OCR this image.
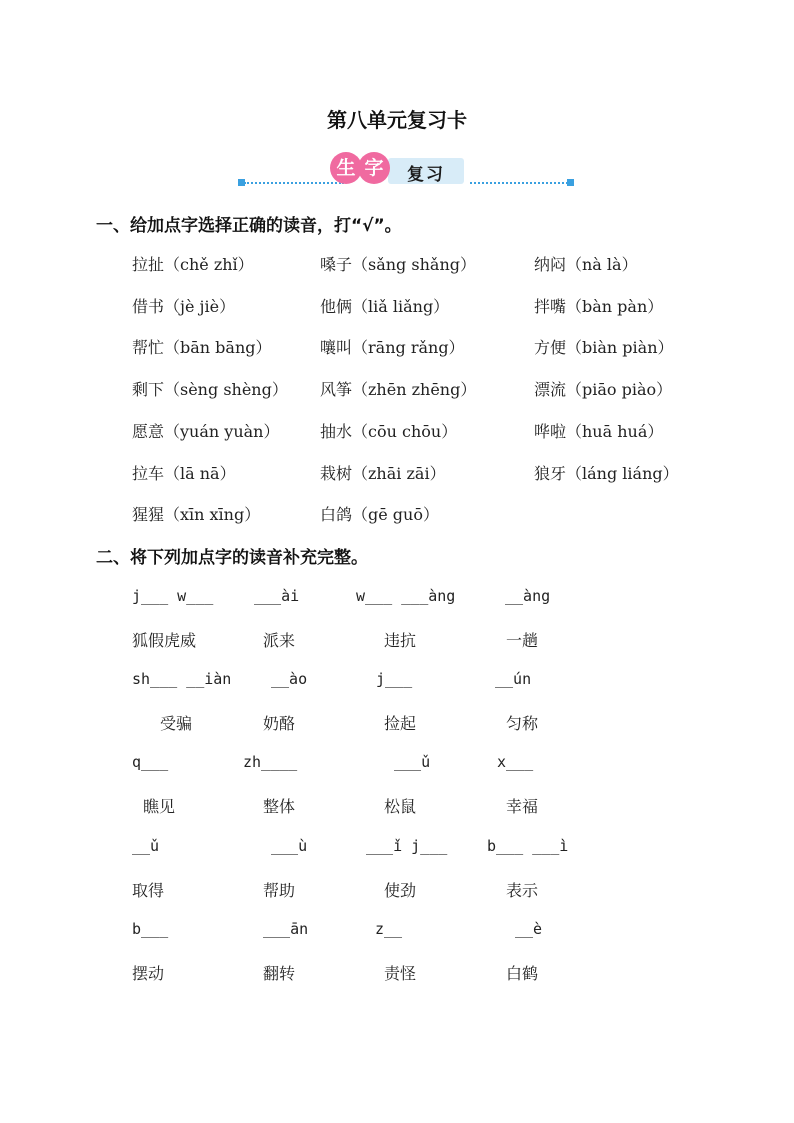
第八单元复习卡
复习
生 字
一、给加点字选择正确的读音，打“√”。
拉扯（chě zhǐ）	嗓子（sǎng shǎng）	纳闷（nà là）
借书（jè jiè）	他俩（liǎ liǎng）	拌嘴（bàn pàn）
帮忙（bān bāng）	嚷叫（rāng rǎng）	方便（biàn piàn）
剩下（sèng shèng） 风筝（zhēn zhēng）	漂流（piāo piào）
愿意（yuán yuàn）	抽水（cōu chōu）	哗啦（huā huá）
拉车（lā nā）	栽树（zhāi zāi）	狼牙（láng liáng）
猩猩（xīn xīng）	白鸽（gē guō）
二、将下列加点字的读音补充完整。
j___ w___	___ài	w___ ___àng	__àng
狐假虎威	派来	违抗	一趟
sh___ __iàn	__ào	j___	__ún
受骗	奶酪	捡起	匀称
q___	zh____	___ǔ	x___
瞧见	整体	松鼠	幸福
__ǔ	___ù	___ǐ j___	b___ ___ì
取得	帮助	使劲	表示
b___	___ān	z__	__è
摆动	翻转	责怪	白鹤
